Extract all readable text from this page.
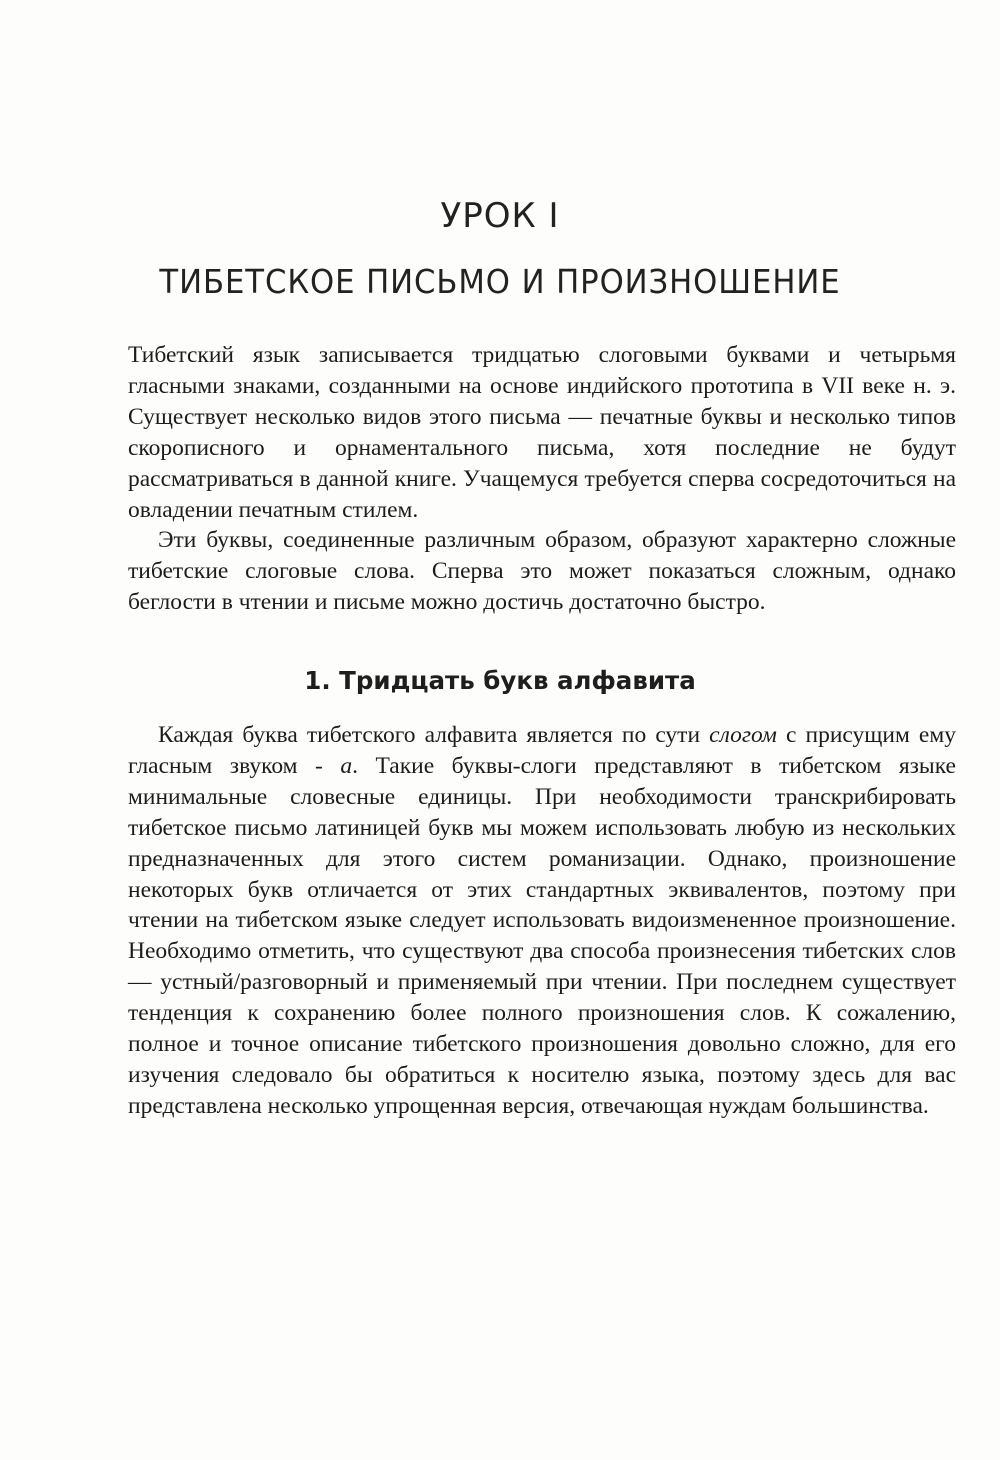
УРОК I
ТИБЕТСКОЕ ПИСЬМО И ПРОИЗНОШЕНИЕ

Тибетский язык записывается тридцатью слоговыми буквами и четырьмя гласными знаками, созданными на основе индийского прототипа в VII веке н. э. Существует несколько видов этого письма — печатные буквы и несколько типов скорописного и орнаментального письма, хотя последние не будут рассматриваться в данной книге. Учащемуся требуется сперва сосредоточиться на овладении печатным стилем.

Эти буквы, соединенные различным образом, образуют характерно сложные тибетские слоговые слова. Сперва это может показаться сложным, однако беглости в чтении и письме можно достичь достаточно быстро.

1. Тридцать букв алфавита

Каждая буква тибетского алфавита является по сути слогом с присущим ему гласным звуком - а. Такие буквы-слоги представляют в тибетском языке минимальные словесные единицы. При необходимости транскрибировать тибетское письмо латиницей букв мы можем использовать любую из нескольких предназначенных для этого систем романизации. Однако, произношение некоторых букв отличается от этих стандартных эквивалентов, поэтому при чтении на тибетском языке следует использовать видоизмененное произношение. Необходимо отметить, что существуют два способа произнесения тибетских слов — устный/разговорный и применяемый при чтении. При последнем существует тенденция к сохранению более полного произношения слов. К сожалению, полное и точное описание тибетского произношения довольно сложно, для его изучения следовало бы обратиться к носителю языка, поэтому здесь для вас представлена несколько упрощенная версия, отвечающая нуждам большинства.
